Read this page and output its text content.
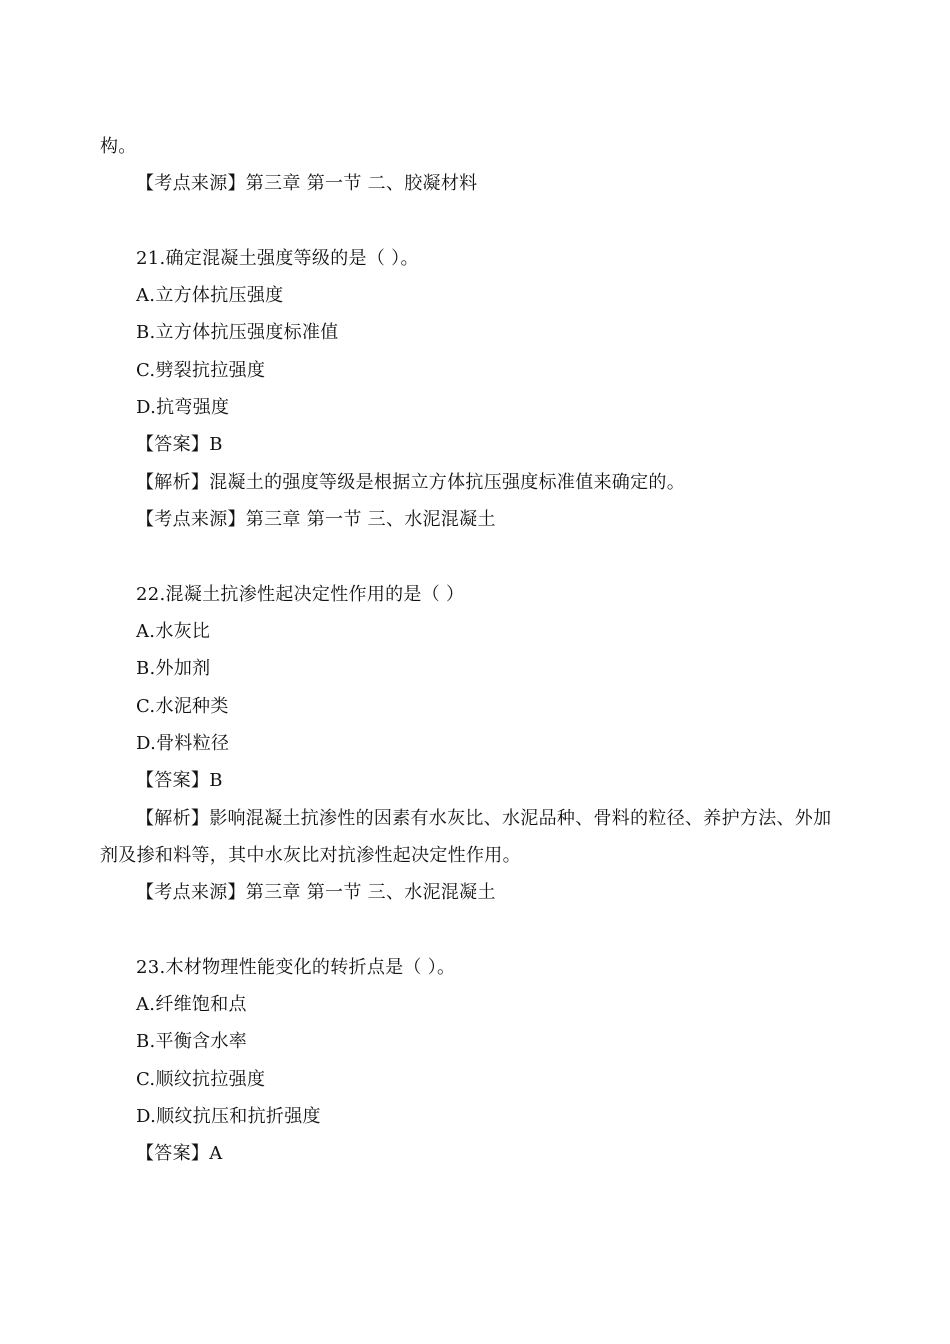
构。
【考点来源】第三章 第一节 二、胶凝材料
21.确定混凝土强度等级的是（ ）。
A.立方体抗压强度
B.立方体抗压强度标准值
C.劈裂抗拉强度
D.抗弯强度
【答案】B
【解析】混凝土的强度等级是根据立方体抗压强度标准值来确定的。
【考点来源】第三章 第一节 三、水泥混凝土
22.混凝土抗渗性起决定性作用的是（ ）
A.水灰比
B.外加剂
C.水泥种类
D.骨料粒径
【答案】B
【解析】影响混凝土抗渗性的因素有水灰比、水泥品种、骨料的粒径、养护方法、外加
剂及掺和料等，其中水灰比对抗渗性起决定性作用。
【考点来源】第三章 第一节 三、水泥混凝土
23.木材物理性能变化的转折点是（ ）。
A.纤维饱和点
B.平衡含水率
C.顺纹抗拉强度
D.顺纹抗压和抗折强度
【答案】A
